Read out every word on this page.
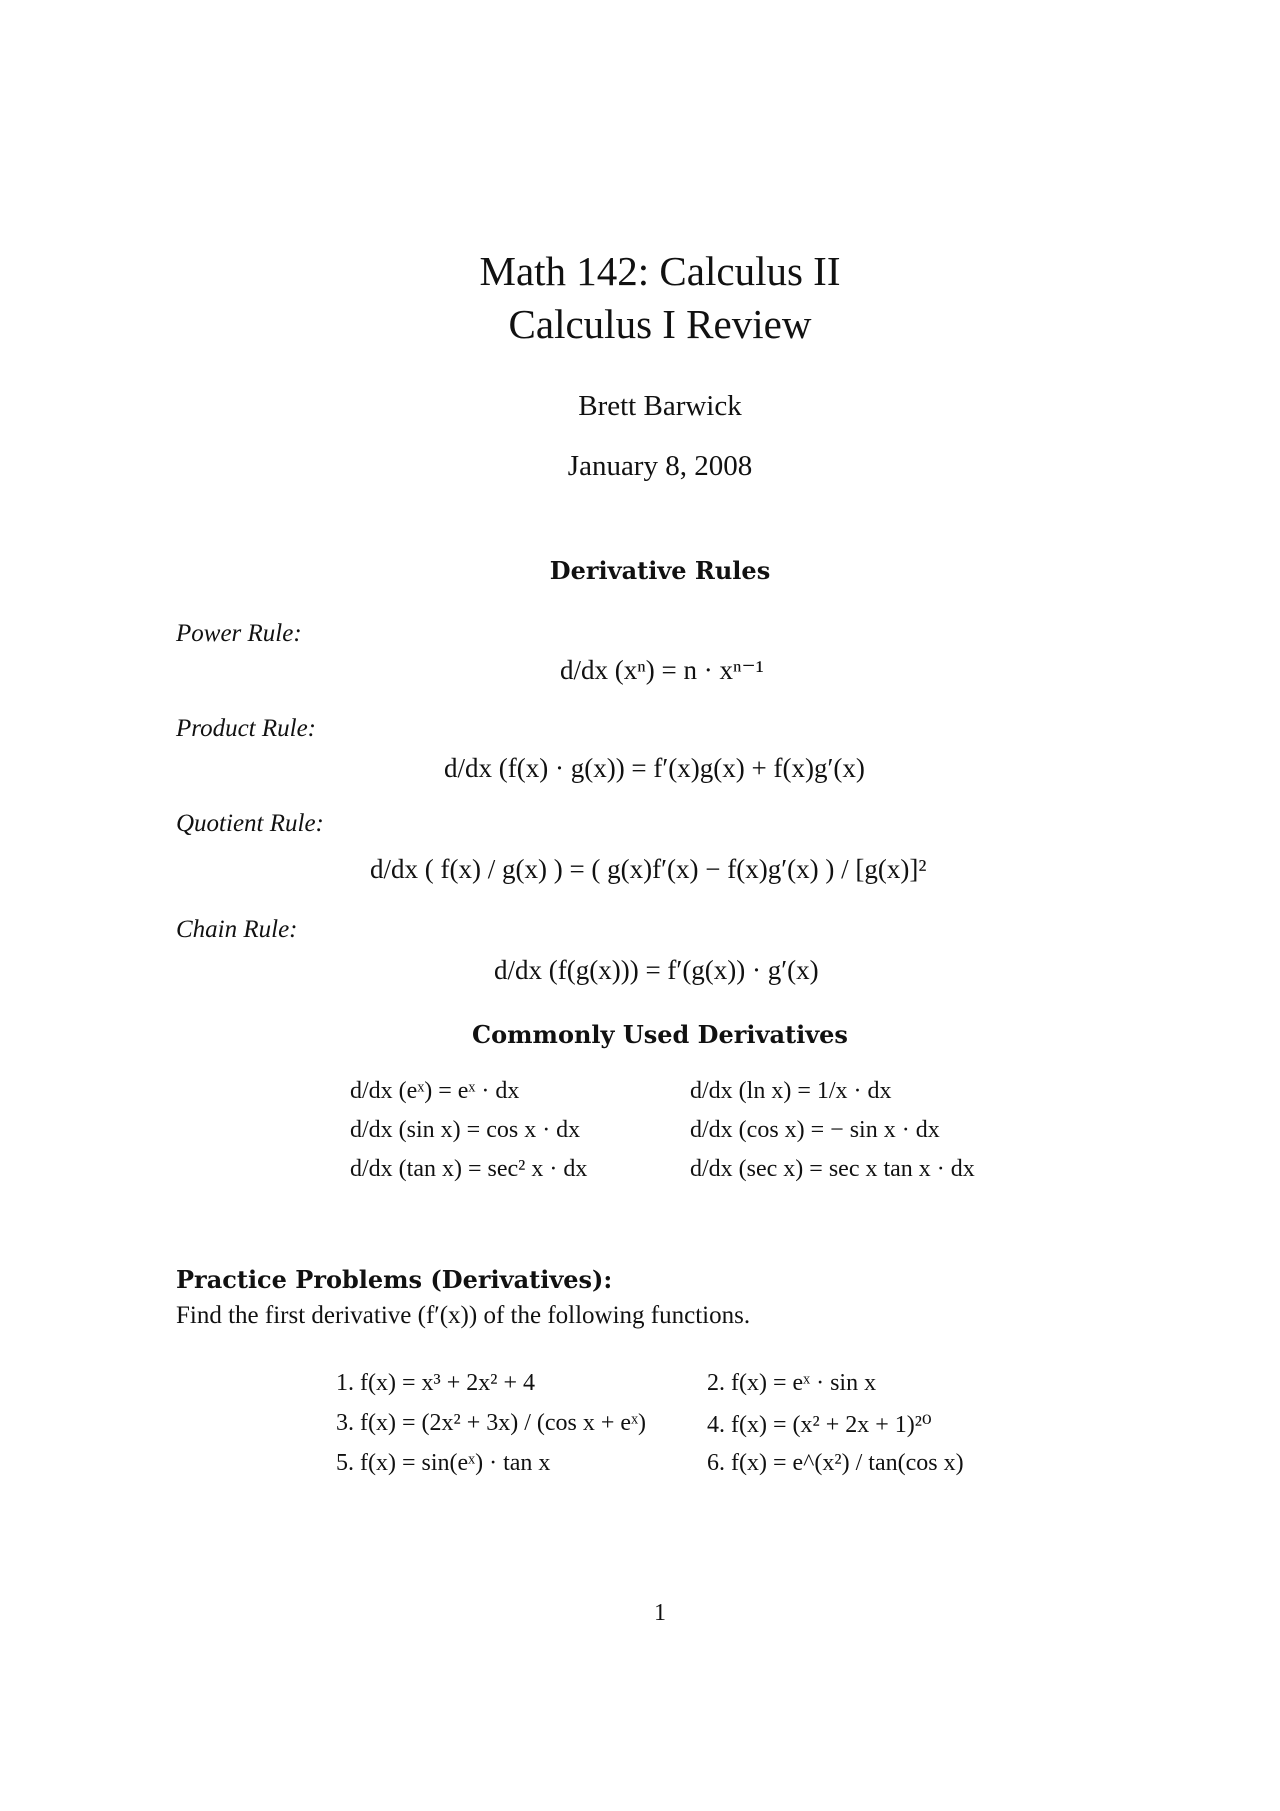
Math 142: Calculus II
Calculus I Review
Brett Barwick
January 8, 2008
Derivative Rules
Power Rule:
d/dx (xⁿ) = n · xⁿ⁻¹
Product Rule:
d/dx (f(x) · g(x)) = f′(x)g(x) + f(x)g′(x)
Quotient Rule:
d/dx ( f(x) / g(x) ) = ( g(x)f′(x) − f(x)g′(x) ) / [g(x)]²
Chain Rule:
d/dx (f(g(x))) = f′(g(x)) · g′(x)
Commonly Used Derivatives
d/dx (eˣ) = eˣ · dx	d/dx (ln x) = 1/x · dx
d/dx (sin x) = cos x · dx	d/dx (cos x) = − sin x · dx
d/dx (tan x) = sec² x · dx	d/dx (sec x) = sec x tan x · dx
Practice Problems (Derivatives):
Find the first derivative (f′(x)) of the following functions.
1. f(x) = x³ + 2x² + 4	2. f(x) = eˣ · sin x
3. f(x) = (2x² + 3x) / (cos x + eˣ)	4. f(x) = (x² + 2x + 1)²⁰
5. f(x) = sin(eˣ) · tan x	6. f(x) = e^(x²) / tan(cos x)
1
